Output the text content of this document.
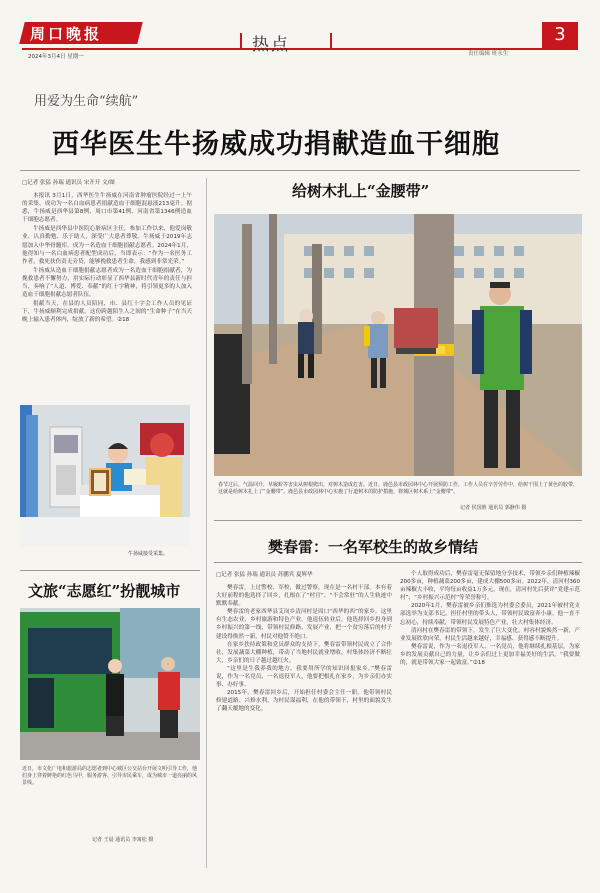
周口晚报
2024年3月4日 星期一
热点	责任编辑 班永生
3
用爱为生命“续航”
西华医生牛扬威成功捐献造血干细胞
□记者 张猛 孙瑞 通讯员 宋开开 文/图

本报讯 3月1日，西华医生牛扬威在河南省肿瘤医院经过一上午的采集，成功为一名白血病患者捐献造血干细胞混悬液213毫升。据悉，牛扬威是西华县第8例、周口市第41例、河南省第1346例造血干细胞志愿者。

牛扬威是西华县中医院心脏病区主任，参加工作以来，他爱岗敬业、认真勤勉、乐于助人，深受广大患者尊敬。牛扬威于2019年志愿加入中华骨髓库，成为一名造血干细胞捐献志愿者。2024年1月，他得知与一名白血病患者配型成功后，当即表示：“作为一名医务工作者，救死扶伤责无旁贷，能够挽救患者生命，我感到非常光荣。”

牛扬威从造血干细胞捐献志愿者成为一名造血干细胞捐献者，为挽救患者不懈努力，用实际行动彰显了西华县新时代青年的责任与担当，奏响了“人道、博爱、奉献”的红十字精神，将引领更多的人加入造血干细胞捐献志愿者队伍。

捐献当天，在县的人员陪同，市、县红十字会工作人员的见证下，牛扬威顺利完成捐献。这份跨越陌生人之间的“生命种子”在当天晚上输入患者体内，绽放了新的希望。②18

牛扬威接受采集。
给树木扎上“金腰带”
春节过后，气温回升，草履蚧等害虫从树根爬出，对树木造成危害。近日，鹿邑县市政园林中心开展预防工作，工作人员在辛苦劳作中，给树干围上了黄色的胶带，这就是给树木扎上了“金腰带”。鹿邑县市政园林中心实施了行道树木的防护措施，将城区树木系上“金腰带”。
记者 侯国胜 通讯员 郭静伟 摄
文旅“志愿红”扮靓城市
近日，市文化广电和旅游局的志愿者到中心城区公交站台开展文明引导工作，他们身上穿着鲜艳的红色马甲，服务游客、引导市民乘车，成为城市一道亮丽的风景线。
记者 王晨 通讯员 李寓松 摄
樊春雷：一名军校生的故乡情结
□记者 张猛 孙瑞 通讯员 苏鹏宾 夏辉华

樊春雷，上过警校、军校，做过警察，现在是一名村干部。本有着大好前程的他选择了回乡，扎根在了“村官”、“不会常驻”的人生轨迹中默默奉献。

樊春雷的老家西华县艾岗乡清河村是周口“西华的西”的家乡。这里有生态农业、乡村旅游和特色产业。他退伍转业后，他选择回乡投身到乡村振兴的第一线，带领村民修路、发展产业，把一个贫穷落后的村子建设得焕然一新，村民对他赞不绝口。

在家乡扶持政策和党员群众的支持下，樊春雷带领村民成立了合作社，发展蔬菜大棚种植，带动了当地村民就业增收，村集体经济不断壮大，乡亲们的日子越过越红火。

“这里是生我养我的地方，我要用所学的知识回报家乡。”樊春雷说，作为一名党员、一名退役军人，他要把根扎在家乡，为乡亲们办实事、办好事。

2015年，樊春雷回乡后，开始担任村委会主任一职。他带领村民修建道路、兴修水利，为村民谋福利，在他的带领下，村里的面貌发生了翻天覆地的变化。

个人取得成功后，樊春雷毫无保留地分享技术，带领乡亲们种植辣椒200多亩，种植蔬菜200多亩，建成大棚500多亩。2022年，清河村360亩辣椒大丰收，平均每亩收益1万多元。现在，清河村先后获评“党建示范村”、“乡村振兴示范村”等荣誉称号。

2020年1月，樊春雷被乡亲们推选为村委会委员，2021年被村党支部选举为支部书记，担任村里的带头人，带领村民致富奔小康。他一直不忘初心，持续奉献，带领村民发展特色产业，壮大村集体经济。

清河村在樊春雷的带领下，发生了巨大变化。村容村貌焕然一新，产业发展欣欣向荣，村民生活越来越好，幸福感、获得感不断提升。

樊春雷说，作为一名退役军人、一名党员，他将继续扎根基层，为家乡的发展贡献自己的力量，让乡亲们过上更加幸福美好的生活。“我要做的，就是带领大家一起致富。”②18
